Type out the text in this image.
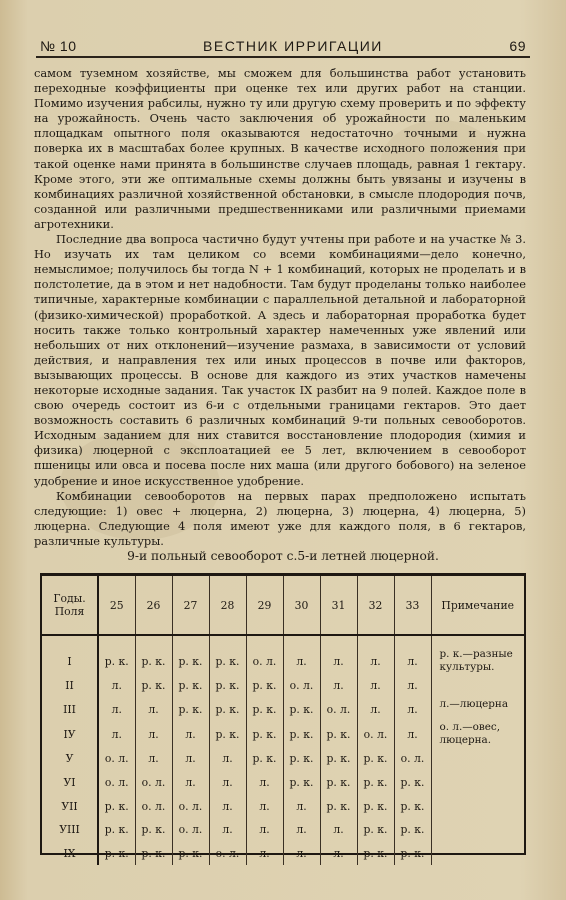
№ 10	ВЕСТНИК ИРРИГАЦИИ	69

самом туземном хозяйстве, мы сможем для большинства работ установить переходные коэффициенты при оценке тех или других работ на станции. Помимо изучения рабсилы, нужно ту или другую схему проверить и по эффекту на урожайность. Очень часто заключения об урожайности по маленьким площадкам опытного поля оказываются недостаточно точными и нужна поверка их в масштабах более крупных. В качестве исходного положения при такой оценке нами принята в большинстве случаев площадь, равная 1 гектару. Кроме этого, эти же оптимальные схемы должны быть увязаны и изучены в комбинациях различной хозяйственной обстановки, в смысле плодородия почв, созданной или различными предшественниками или различными приемами агротехники.

Последние два вопроса частично будут учтены при работе и на участке № 3. Но изучать их там целиком со всеми комбинациями—дело конечно, немыслимое; получилось бы тогда N + 1 комбинаций, которых не проделать и в полстолетие, да в этом и нет надобности. Там будут проделаны только наиболее типичные, характерные комбинации с параллельной детальной и лабораторной (физико-химической) проработкой. А здесь и лабораторная проработка будет носить также только контрольный характер намеченных уже явлений или небольших от них отклонений—изучение размаха, в зависимости от условий действия, и направления тех или иных процессов в почве или факторов, вызывающих процессы. В основе для каждого из этих участков намечены некоторые исходные задания. Так участок IX разбит на 9 полей. Каждое поле в свою очередь состоит из 6-и с отдельными границами гектаров. Это дает возможность составить 6 различных комбинаций 9-ти польных севооборотов. Исходным заданием для них ставится восстановление плодородия (химия и физика) люцерной с эксплоатацией ее 5 лет, включением в севооборот пшеницы или овса и посева после них маша (или другого бобового) на зеленое удобрение и иное искусственное удобрение.

Комбинации севооборотов на первых парах предположено испытать следующие: 1) овес + люцерна, 2) люцерна, 3) люцерна, 4) люцерна, 5) люцерна. Следующие 4 поля имеют уже для каждого поля, в 6 гектаров, различные культуры.

9-и польный севооборот с.5-и летней люцерной.
Годы.
Поля	25	26	27	28	29	30	31	32	33	Примечание
I	р. к.	р. к.	р. к.	р. к.	о. л.	л.	л.	л.	л.	р. к.—разные культуры.

II	л.	р. к.	р. к.	р. к.	р. к.	о. л.	л.	л.	л.	
III	л.	л.	р. к.	р. к.	р. к.	р. к.	о. л.	л.	л.	л.—люцерна

IУ	л.	л.	л.	р. к.	р. к.	р. к.	р. к.	о. л.	л.	о. л.—овес, люцерна.

У	о. л.	л.	л.	л.	р. к.	р. к.	р. к.	р. к.	о. л.	
УI	о. л.	о. л.	л.	л.	л.	р. к.	р. к.	р. к.	р. к.	
УII	р. к.	о. л.	о. л.	л.	л.	л.	р. к.	р. к.	р. к.	
УIII	р. к.	р. к.	о. л.	л.	л.	л.	л.	р. к.	р. к.	
IX	р. к.	р. к.	р. к.	о. л.	л.	л.	л.	р. к.	р. к.	
